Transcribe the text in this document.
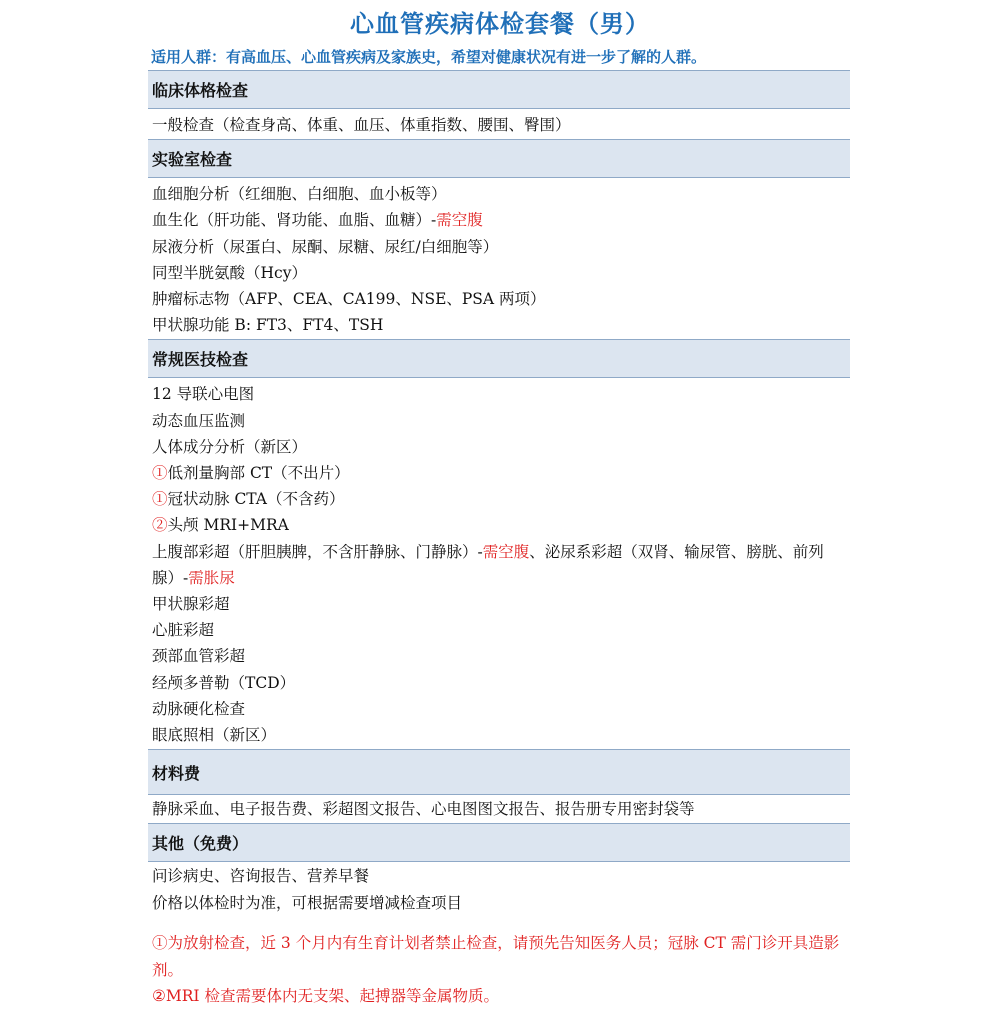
心血管疾病体检套餐（男）
适用人群：有高血压、心血管疾病及家族史，希望对健康状况有进一步了解的人群。
临床体格检查
一般检查（检查身高、体重、血压、体重指数、腰围、臀围）
实验室检查
血细胞分析（红细胞、白细胞、血小板等）
血生化（肝功能、肾功能、血脂、血糖）-需空腹
尿液分析（尿蛋白、尿酮、尿糖、尿红/白细胞等）
同型半胱氨酸（Hcy）
肿瘤标志物（AFP、CEA、CA199、NSE、PSA 两项）
甲状腺功能 B: FT3、FT4、TSH
常规医技检查
12 导联心电图
动态血压监测
人体成分分析（新区）
①低剂量胸部 CT（不出片）
①冠状动脉 CTA（不含药）
②头颅 MRI+MRA
上腹部彩超（肝胆胰脾，不含肝静脉、门静脉）-需空腹、泌尿系彩超（双肾、输尿管、膀胱、前列腺）-需胀尿
甲状腺彩超
心脏彩超
颈部血管彩超
经颅多普勒（TCD）
动脉硬化检查
眼底照相（新区）
材料费
静脉采血、电子报告费、彩超图文报告、心电图图文报告、报告册专用密封袋等
其他（免费）
问诊病史、咨询报告、营养早餐
价格以体检时为准，可根据需要增减检查项目
①为放射检查，近 3 个月内有生育计划者禁止检查，请预先告知医务人员；冠脉 CT 需门诊开具造影剂。
②MRI 检查需要体内无支架、起搏器等金属物质。
